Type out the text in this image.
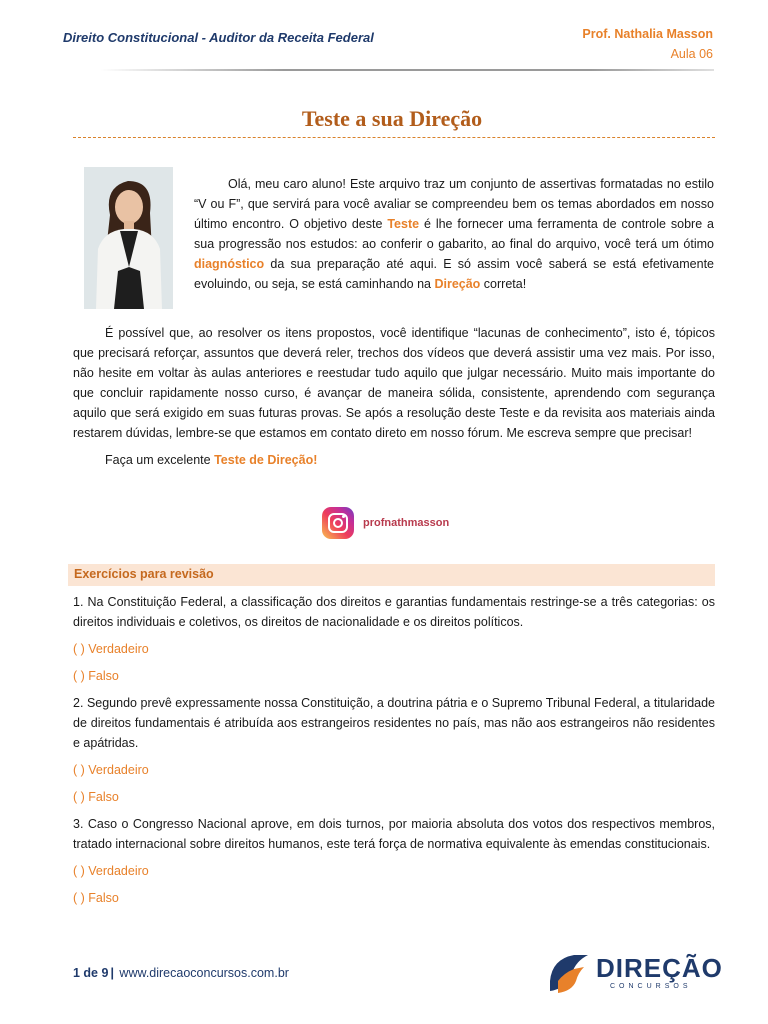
Direito Constitucional - Auditor da Receita Federal	Prof. Nathalia Masson
Aula 06
Teste a sua Direção
Olá, meu caro aluno! Este arquivo traz um conjunto de assertivas formatadas no estilo “V ou F”, que servirá para você avaliar se compreendeu bem os temas abordados em nosso último encontro. O objetivo deste Teste é lhe fornecer uma ferramenta de controle sobre a sua progressão nos estudos: ao conferir o gabarito, ao final do arquivo, você terá um ótimo diagnóstico da sua preparação até aqui. E só assim você saberá se está efetivamente evoluindo, ou seja, se está caminhando na Direção correta!
É possível que, ao resolver os itens propostos, você identifique “lacunas de conhecimento”, isto é, tópicos que precisará reforçar, assuntos que deverá reler, trechos dos vídeos que deverá assistir uma vez mais. Por isso, não hesite em voltar às aulas anteriores e reestudar tudo aquilo que julgar necessário. Muito mais importante do que concluir rapidamente nosso curso, é avançar de maneira sólida, consistente, aprendendo com segurança aquilo que será exigido em suas futuras provas. Se após a resolução deste Teste e da revisita aos materiais ainda restarem dúvidas, lembre-se que estamos em contato direto em nosso fórum. Me escreva sempre que precisar!
Faça um excelente Teste de Direção!
profnathmasson
Exercícios para revisão
1. Na Constituição Federal, a classificação dos direitos e garantias fundamentais restringe-se a três categorias: os direitos individuais e coletivos, os direitos de nacionalidade e os direitos políticos.
( ) Verdadeiro
( ) Falso
2. Segundo prevê expressamente nossa Constituição, a doutrina pátria e o Supremo Tribunal Federal, a titularidade de direitos fundamentais é atribuída aos estrangeiros residentes no país, mas não aos estrangeiros não residentes e apátridas.
( ) Verdadeiro
( ) Falso
3. Caso o Congresso Nacional aprove, em dois turnos, por maioria absoluta dos votos dos respectivos membros, tratado internacional sobre direitos humanos, este terá força de normativa equivalente às emendas constitucionais.
( ) Verdadeiro
( ) Falso
1 de 9 | www.direcaoconcursos.com.br	DIREÇÃO
CONCURSOS
